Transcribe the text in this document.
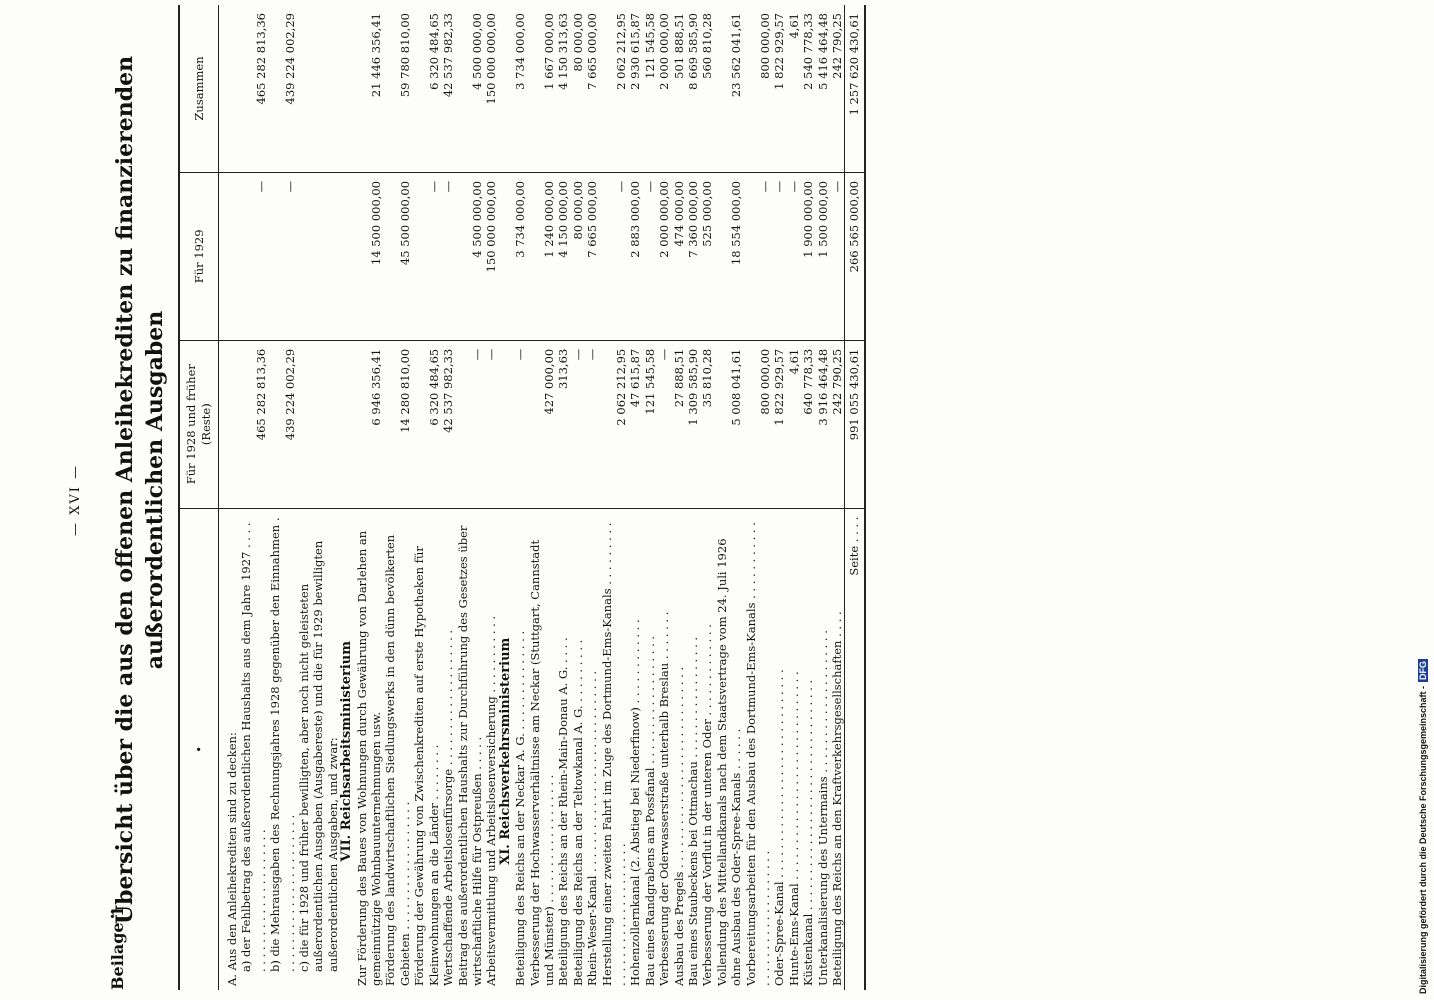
— XVI —
Beilage 1
Übersicht über die aus den offenen Anleihekrediten zu finanzierenden außerordentlichen Ausgaben
•	Für 1928 und früher (Reste)	Für 1929	Zusammen

A. Aus den Anleihekrediten sind zu decken:			

a) der Fehlbetrag des außerordentlichen Haushalts aus dem Jahre 1927 . . . . . . . . . . . . . . . . . . . . . . . .	465 282 813,36	—	465 282 813,36

b) die Mehrausgaben des Rechnungsjahres 1928 gegenüber den Einnahmen . . . . . . . . . . . . . . . . . . . . . . .	439 224 002,29	—	439 224 002,29

c) die für 1928 und früher bewilligten, aber noch nicht geleisteten außerordentlichen Ausgaben (Ausgabereste) und die für 1929 bewilligten außerordentlichen Ausgaben, und zwar:			

VII. Reichsarbeitsministerium			
Zur Förderung des Baues von Wohnungen durch Gewährung von Darlehen an gemeinnützige Wohnbauunternehmungen usw.	6 946 356,41	14 500 000,00	21 446 356,41
Förderung des landwirtschaftlichen Siedlungswerks in den dünn bevölkerten Gebieten . . . . . . . . . . . . . . . . . .	14 280 810,00	45 500 000,00	59 780 810,00
Förderung der Gewährung von Zwischenkrediten auf erste Hypotheken für Kleinwohnungen an die Länder . . . . . . . .	6 320 484,65	—	6 320 484,65
Wertschaffende Arbeitslosenfürsorge . . . . . . . . . . . . . . . . . . .	42 537 982,33	—	42 537 982,33
Beitrag des außerordentlichen Haushalts zur Durchführung des Gesetzes über wirtschaftliche Hilfe für Ostpreußen . . . . .	—	4 500 000,00	4 500 000,00
Arbeitsvermittlung und Arbeitslosenversicherung . . . . . . . . . . .	—	150 000 000,00	150 000 000,00
XI. Reichsverkehrsministerium			
Beteiligung des Reichs an der Neckar A. G. . . . . . . . . . . . . . .	—	3 734 000,00	3 734 000,00
Verbesserung der Hochwasserverhältnisse am Neckar (Stuttgart, Cannstadt und Münster) . . . . . . . . . . . . . . . . . .	427 000,00	1 240 000,00	1 667 000,00
Beteiligung des Reichs an der Rhein-Main-Donau A. G. . . . .	313,63	4 150 000,00	4 150 313,63
Beteiligung des Reichs an der Teltowkanal A. G. . . . . . . . . .	—	80 000,00	80 000,00
Rhein-Weser-Kanal . . . . . . . . . . . . . . . . . . . . . . . . . . . .	—	7 665 000,00	7 665 000,00
Herstellung einer zweiten Fahrt im Zuge des Dortmund-Ems-Kanals . . . . . . . . . . . . . . . . . . . . . . . . . . . . .	2 062 212,95	—	2 062 212,95
Hohenzollernkanal (2. Abstieg bei Niederfinow) . . . . . . . . . . . .	47 615,87	2 883 000,00	2 930 615,87
Bau eines Randgrabens am Possfanal . . . . . . . . . . . . . . . . . .	121 545,58	—	121 545,58
Verbesserung der Oderwasserstraße unterhalb Breslau . . . . . . .	—	2 000 000,00	2 000 000,00
Ausbau des Pregels . . . . . . . . . . . . . . . . . . . . . . . . . . . .	27 888,51	474 000,00	501 888,51
Bau eines Staubeckens bei Ottmachau . . . . . . . . . . . . . . . . .	1 309 585,90	7 360 000,00	8 669 585,90
Verbesserung der Vorflut in der unteren Oder . . . . . . . . . . . . .	35 810,28	525 000,00	560 810,28
Vollendung des Mittellandkanals nach dem Staatsvertrage vom 24. Juli 1926 ohne Ausbau des Oder-Spree-Kanals . . . . . .	5 008 041,61	18 554 000,00	23 562 041,61
Vorbereitungsarbeiten für den Ausbau des Dortmund-Ems-Kanals . . . . . . . . . . . . . . . . . . . . . . . . . . . . . .	800 000,00	—	800 000,00
Oder-Spree-Kanal . . . . . . . . . . . . . . . . . . . . . . . . . . . . .	1 822 929,57	—	1 822 929,57
Hunte-Ems-Kanal . . . . . . . . . . . . . . . . . . . . . . . . . . . . .	4,61	—	4,61
Küstenkanal . . . . . . . . . . . . . . . . . . . . . . . . . . . . . . . .	640 778,33	1 900 000,00	2 540 778,33
Unterkanalisierung des Untermains . . . . . . . . . . . . . . . . . . . .	3 916 464,48	1 500 000,00	5 416 464,48
Beteiligung des Reichs an den Kraftverkehrsgesellschaften . . . .	242 790,25	—	242 790,25
Seite . . . .	991 055 430,61	266 565 000,00	1 257 620 430,61
Digitalisierung gefördert durch die Deutsche Forschungsgemeinschaft -DFG
